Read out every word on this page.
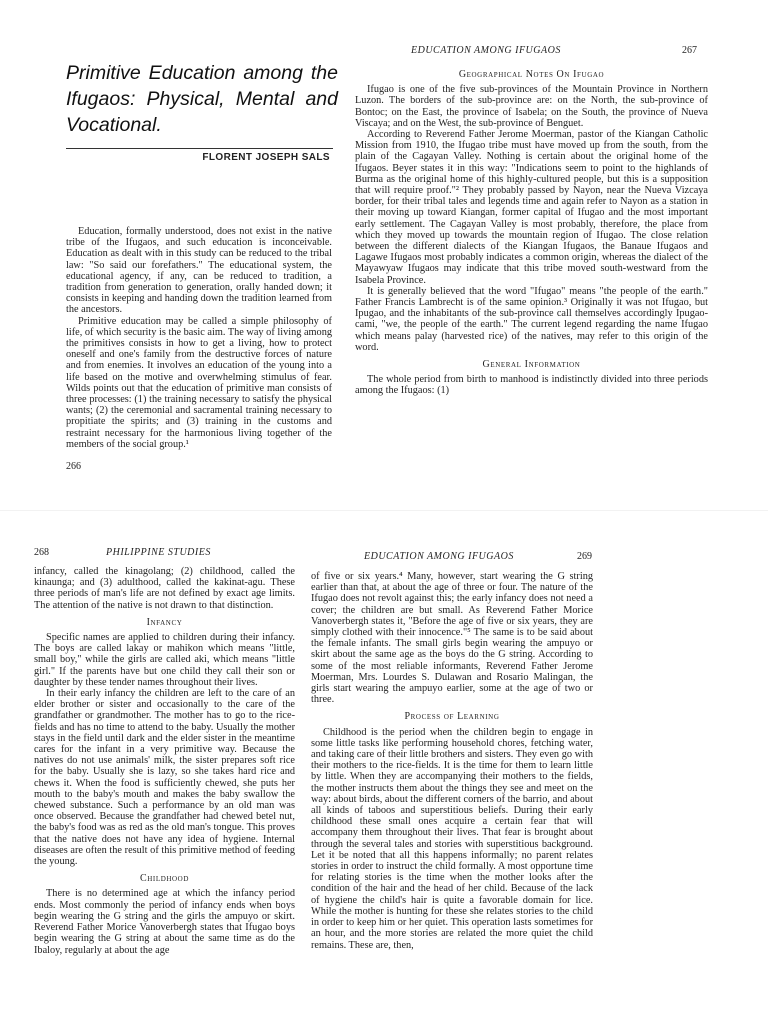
Primitive Education among the Ifugaos: Physical, Mental and Vocational.
FLORENT JOSEPH SALS

Education, formally understood, does not exist in the native tribe of the Ifugaos, and such education is inconceivable. Education as dealt with in this study can be reduced to the tribal law: "So said our forefathers." The educational system, the educational agency, if any, can be reduced to tradition, a tradition from generation to generation, orally handed down; it consists in keeping and handing down the tradition learned from the ancestors.

Primitive education may be called a simple philosophy of life, of which security is the basic aim. The way of living among the primitives consists in how to get a living, how to protect oneself and one's family from the destructive forces of nature and from enemies. It involves an education of the young into a life based on the motive and overwhelming stimulus of fear. Wilds points out that the education of primitive man consists of three processes: (1) the training necessary to satisfy the physical wants; (2) the ceremonial and sacramental training necessary to propitiate the spirits; and (3) training in the customs and restraint necessary for the harmonious living together of the members of the social group.¹

266
EDUCATION AMONG IFUGAOS	267
Geographical Notes On Ifugao

Ifugao is one of the five sub-provinces of the Mountain Province in Northern Luzon. The borders of the sub-province are: on the North, the sub-province of Bontoc; on the East, the province of Isabela; on the South, the province of Nueva Viscaya; and on the West, the sub-province of Benguet.

According to Reverend Father Jerome Moerman, pastor of the Kiangan Catholic Mission from 1910, the Ifugao tribe must have moved up from the south, from the plain of the Cagayan Valley. Nothing is certain about the original home of the Ifugaos. Beyer states it in this way: "Indications seem to point to the highlands of Burma as the original home of this highly-cultured people, but this is a supposition that will require proof."² They probably passed by Nayon, near the Nueva Vizcaya border, for their tribal tales and legends time and again refer to Nayon as a station in their moving up toward Kiangan, former capital of Ifugao and the most important early settlement. The Cagayan Valley is most probably, therefore, the place from which they moved up towards the mountain region of Ifugao. The close relation between the different dialects of the Kiangan Ifugaos, the Banaue Ifugaos and Lagawe Ifugaos most probably indicates a common origin, whereas the dialect of the Mayawyaw Ifugaos may indicate that this tribe moved south-westward from the Isabela Province.

It is generally believed that the word "Ifugao" means "the people of the earth." Father Francis Lambrecht is of the same opinion.³ Originally it was not Ifugao, but Ipugao, and the inhabitants of the sub-province call themselves accordingly Ipugao-cami, "we, the people of the earth." The current legend regarding the name Ifugao which means palay (harvested rice) of the natives, may refer to this origin of the word.

General Information

The whole period from birth to manhood is indistinctly divided into three periods among the Ifugaos: (1)

268	PHILIPPINE STUDIES

infancy, called the kinagolang; (2) childhood, called the kinaunga; and (3) adulthood, called the kakinat-agu. These three periods of man's life are not defined by exact age limits. The attention of the native is not drawn to that distinction.

Infancy

Specific names are applied to children during their infancy. The boys are called lakay or mahikon which means "little, small boy," while the girls are called aki, which means "little girl." If the parents have but one child they call their son or daughter by these tender names throughout their lives.

In their early infancy the children are left to the care of an elder brother or sister and occasionally to the care of the grandfather or grandmother. The mother has to go to the rice-fields and has no time to attend to the baby. Usually the mother stays in the field until dark and the elder sister in the meantime cares for the infant in a very primitive way. Because the natives do not use animals' milk, the sister prepares soft rice for the baby. Usually she is lazy, so she takes hard rice and chews it. When the food is sufficiently chewed, she puts her mouth to the baby's mouth and makes the baby swallow the chewed substance. Such a performance by an old man was once observed. Because the grandfather had chewed betel nut, the baby's food was as red as the old man's tongue. This proves that the native does not have any idea of hygiene. Internal diseases are often the result of this primitive method of feeding the young.

Childhood

There is no determined age at which the infancy period ends. Most commonly the period of infancy ends when boys begin wearing the G string and the girls the ampuyo or skirt. Reverend Father Morice Vanoverbergh states that Ifugao boys begin wearing the G string at about the same time as do the Ibaloy, regularly at about the age

EDUCATION AMONG IFUGAOS	269

of five or six years.⁴ Many, however, start wearing the G string earlier than that, at about the age of three or four. The nature of the Ifugao does not revolt against this; the early infancy does not need a cover; the children are but small. As Reverend Father Morice Vanoverbergh states it, "Before the age of five or six years, they are simply clothed with their innocence."⁵ The same is to be said about the female infants. The small girls begin wearing the ampuyo or skirt about the same age as the boys do the G string. According to some of the most reliable informants, Reverend Father Jerome Moerman, Mrs. Lourdes S. Dulawan and Rosario Malingan, the girls start wearing the ampuyo earlier, some at the age of two or three.

Process of Learning

Childhood is the period when the children begin to engage in some little tasks like performing household chores, fetching water, and taking care of their little brothers and sisters. They even go with their mothers to the rice-fields. It is the time for them to learn little by little. When they are accompanying their mothers to the fields, the mother instructs them about the things they see and meet on the way: about birds, about the different corners of the barrio, and about all kinds of taboos and superstitious beliefs. During their early childhood these small ones acquire a certain fear that will accompany them throughout their lives. That fear is brought about through the several tales and stories with superstitious background. Let it be noted that all this happens informally; no parent relates stories in order to instruct the child formally. A most opportune time for relating stories is the time when the mother looks after the condition of the hair and the head of her child. Because of the lack of hygiene the child's hair is quite a favorable domain for lice. While the mother is hunting for these she relates stories to the child in order to keep him or her quiet. This operation lasts sometimes for an hour, and the more stories are related the more quiet the child remains. These are, then,
